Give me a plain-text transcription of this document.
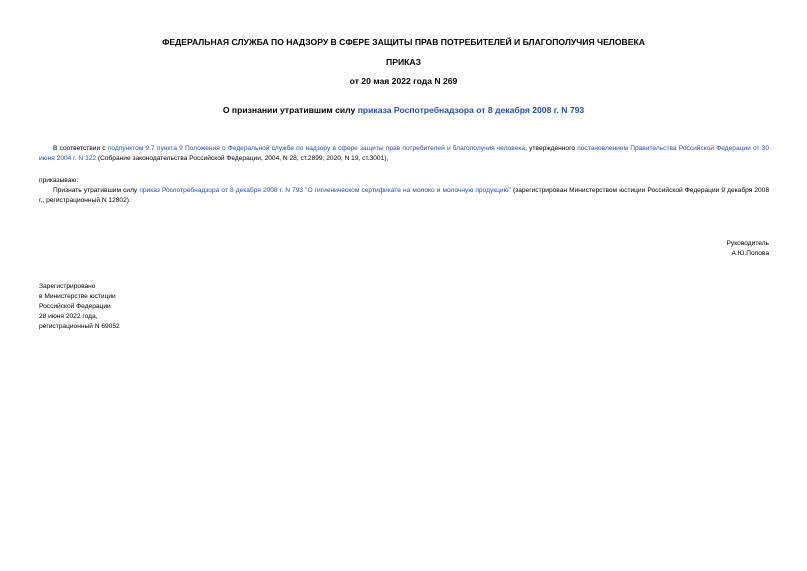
ФЕДЕРАЛЬНАЯ СЛУЖБА ПО НАДЗОРУ В СФЕРЕ ЗАЩИТЫ ПРАВ ПОТРЕБИТЕЛЕЙ И БЛАГОПОЛУЧИЯ ЧЕЛОВЕКА
ПРИКАЗ
от 20 мая 2022 года N 269
О признании утратившим силу приказа Роспотребнадзора от 8 декабря 2008 г. N 793
В соответствии с подпунктом 9.7 пункта 9 Положения о Федеральной службе по надзору в сфере защиты прав потребителей и благополучия человека, утвержденного постановлением Правительства Российской Федерации от 30 июня 2004 г. N 322 (Собрание законодательства Российской Федерации, 2004, N 28, ст.2899; 2020, N 19, ст.3001),
приказываю:
Признать утратившим силу приказ Роспотребнадзора от 8 декабря 2008 г. N 793 "О гигиеническом сертификате на молоко и молочную продукцию" (зарегистрирован Министерством юстиции Российской Федерации 9 декабря 2008 г., регистрационный N 12802).
Руководитель
А.Ю.Попова
Зарегистрировано
в Министерстве юстиции
Российской Федерации
28 июня 2022 года,
регистрационный N 69052
